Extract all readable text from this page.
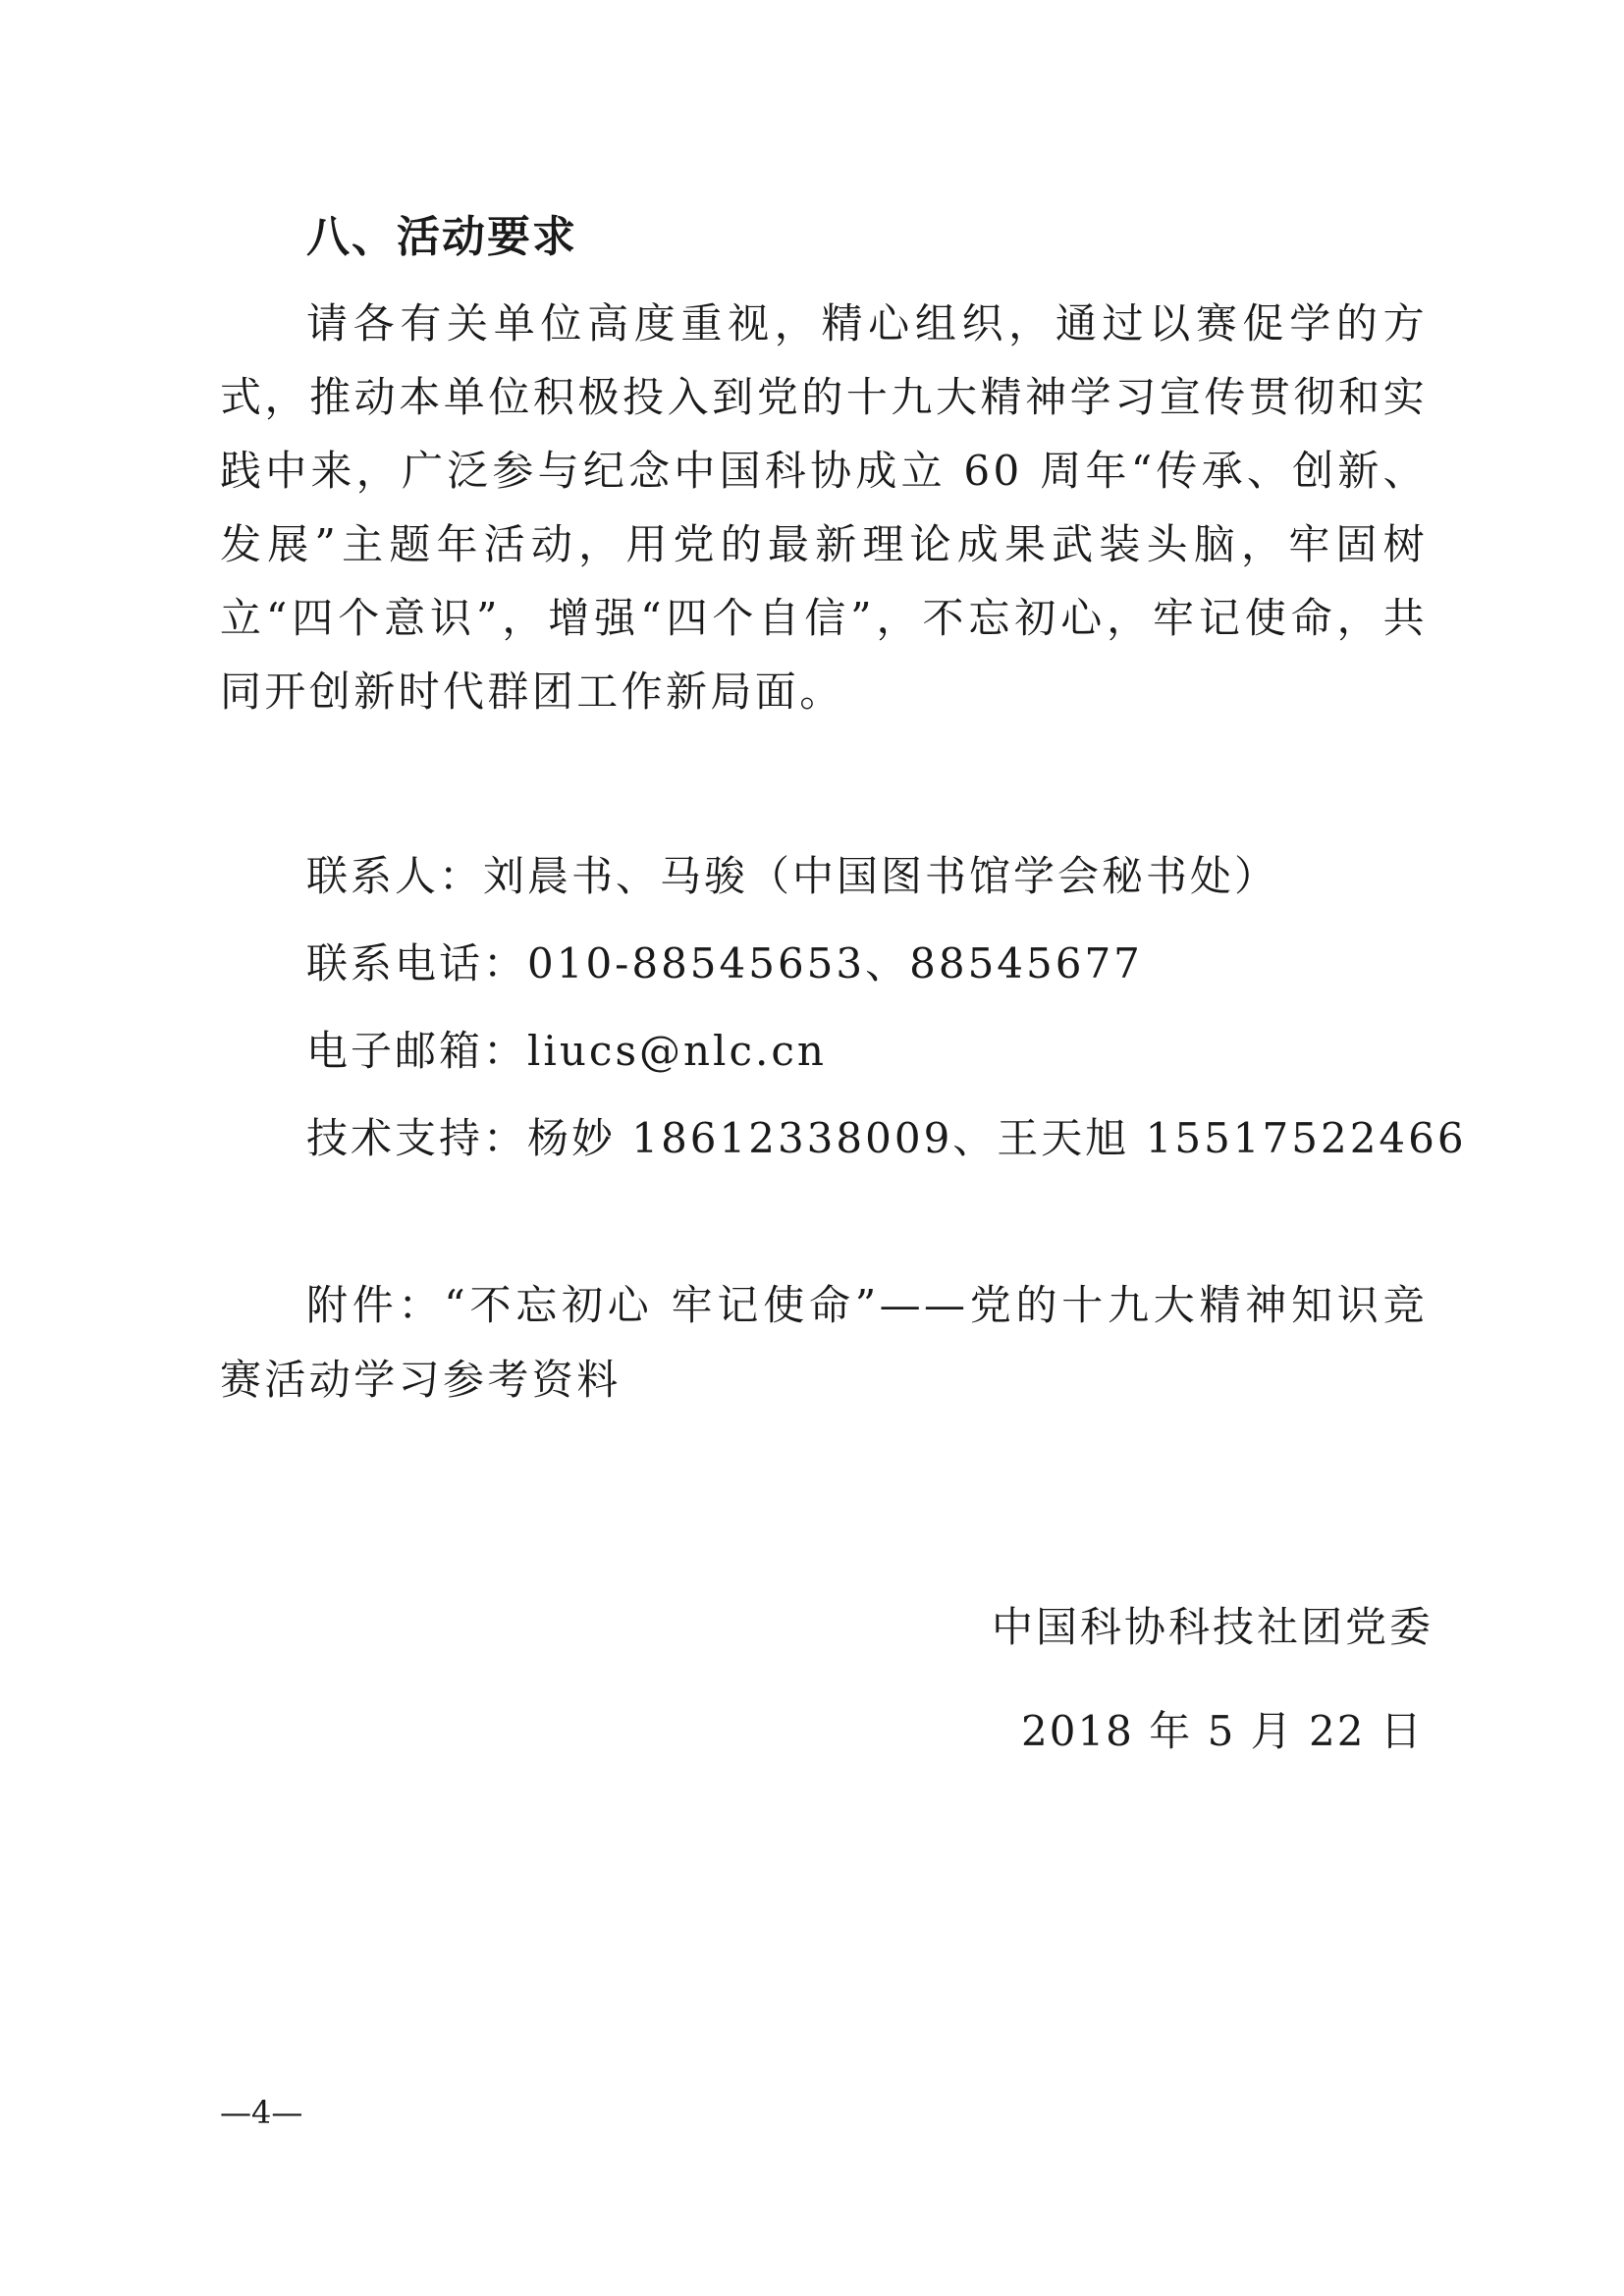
八、活动要求

请各有关单位高度重视，精心组织，通过以赛促学的方式，推动本单位积极投入到党的十九大精神学习宣传贯彻和实践中来，广泛参与纪念中国科协成立 60 周年“传承、创新、发展”主题年活动，用党的最新理论成果武装头脑，牢固树立“四个意识”，增强“四个自信”，不忘初心，牢记使命，共同开创新时代群团工作新局面。

联系人：刘晨书、马骏（中国图书馆学会秘书处）
联系电话：010-88545653、88545677
电子邮箱：liucs@nlc.cn
技术支持：杨妙 18612338009、王天旭 15517522466

附件：“不忘初心 牢记使命”——党的十九大精神知识竞赛活动学习参考资料

中国科协科技社团党委
2018 年 5 月 22 日
—4—
